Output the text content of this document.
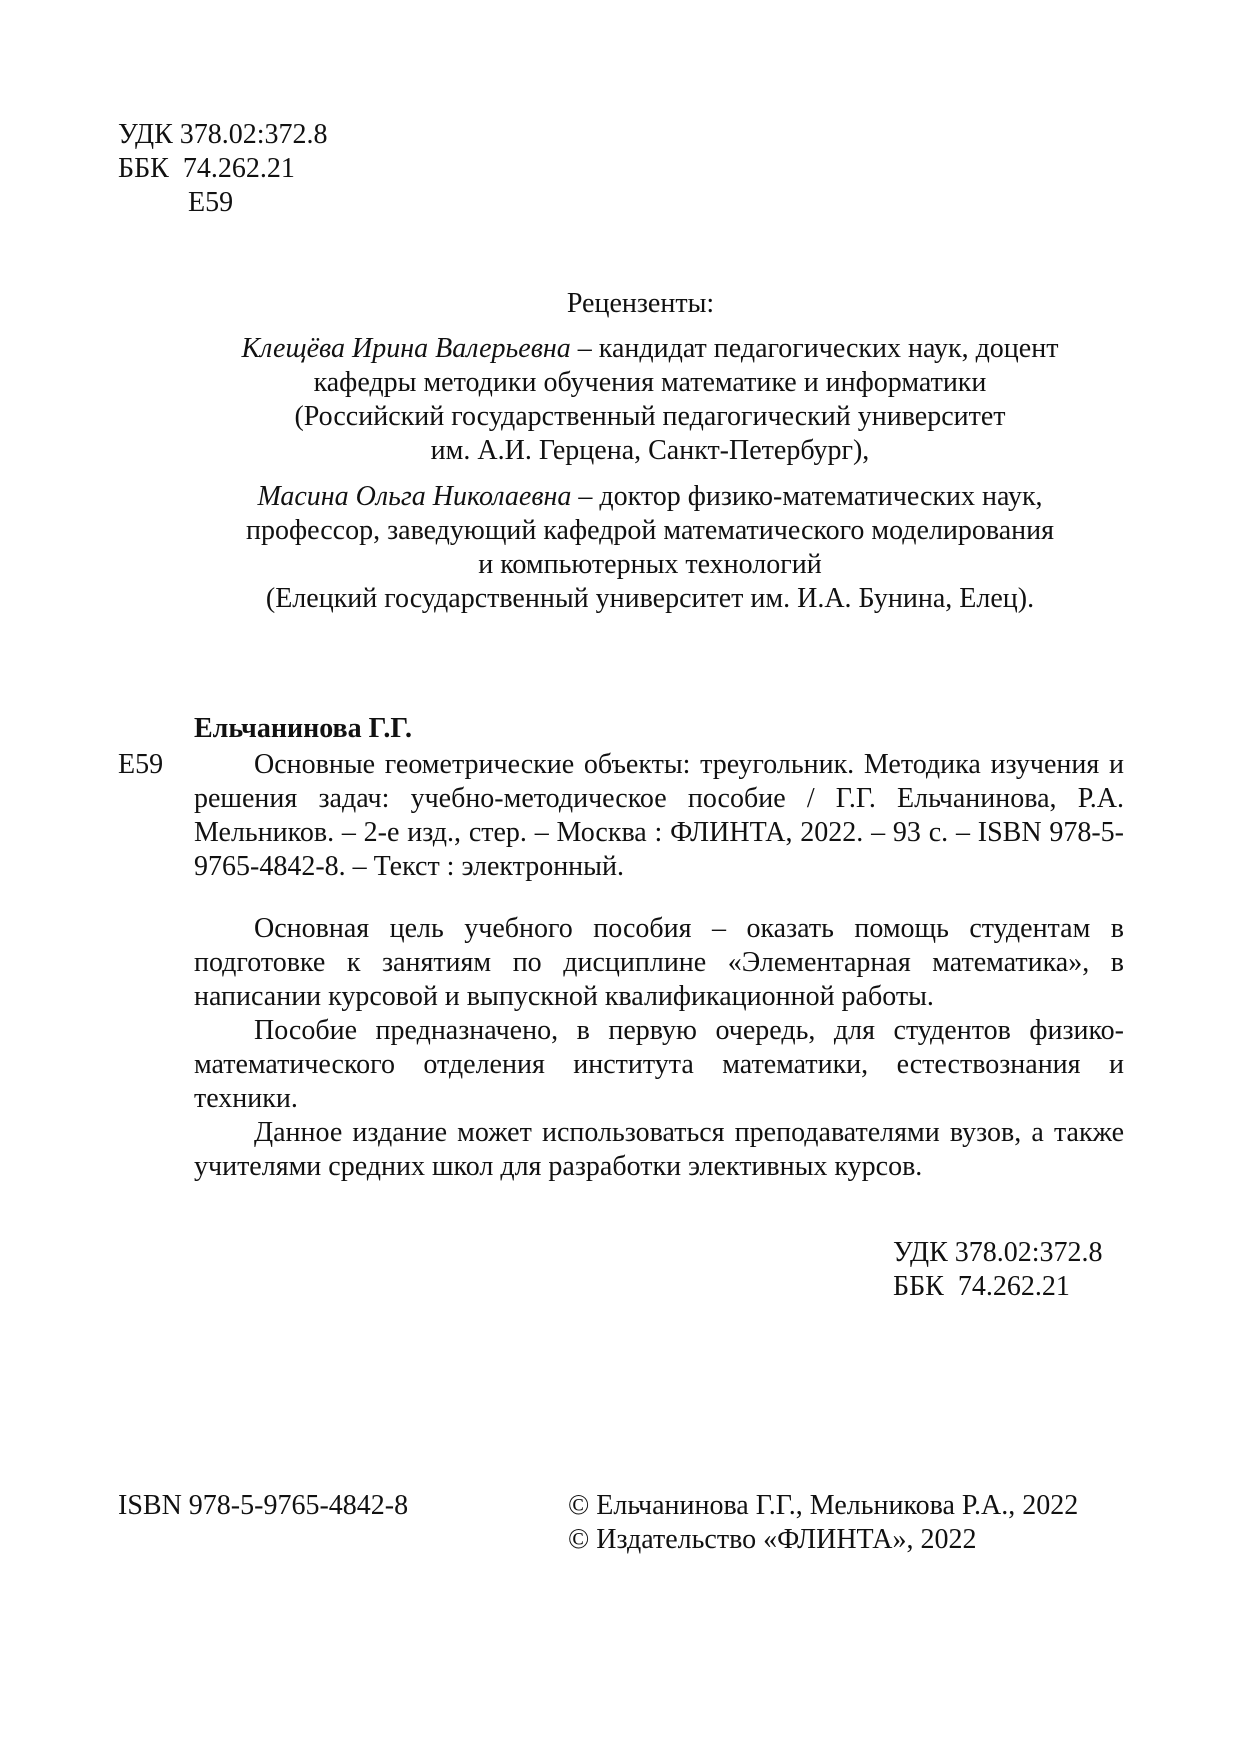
УДК 378.02:372.8
ББК  74.262.21
Е59
Рецензенты:
Клещёва Ирина Валерьевна – кандидат педагогических наук, доцент
кафедры методики обучения математике и информатики
(Российский государственный педагогический университет
им. А.И. Герцена, Санкт-Петербург),
Масина Ольга Николаевна – доктор физико-математических наук,
профессор, заведующий кафедрой математического моделирования
и компьютерных технологий
(Елецкий государственный университет им. И.А. Бунина, Елец).
Ельчанинова Г.Г.
Е59	Основные геометрические объекты: треугольник. Методика изучения и решения задач: учебно-методическое пособие / Г.Г. Ельчанинова, Р.А. Мельников. – 2-е изд., стер. – Москва : ФЛИНТА, 2022. – 93 с. – ISBN 978-5-9765-4842-8. – Текст : электронный.

Основная цель учебного пособия – оказать помощь студентам в подготовке к занятиям по дисциплине «Элементарная математика», в написании курсовой и выпускной квалификационной работы.

Пособие предназначено, в первую очередь, для студентов физико-математического отделения института математики, естествознания и техники.

Данное издание может использоваться преподавателями вузов, а также учителями средних школ для разработки элективных курсов.

УДК 378.02:372.8
ББК  74.262.21
ISBN 978-5-9765-4842-8	© Ельчанинова Г.Г., Мельникова Р.А., 2022
© Издательство «ФЛИНТА», 2022
